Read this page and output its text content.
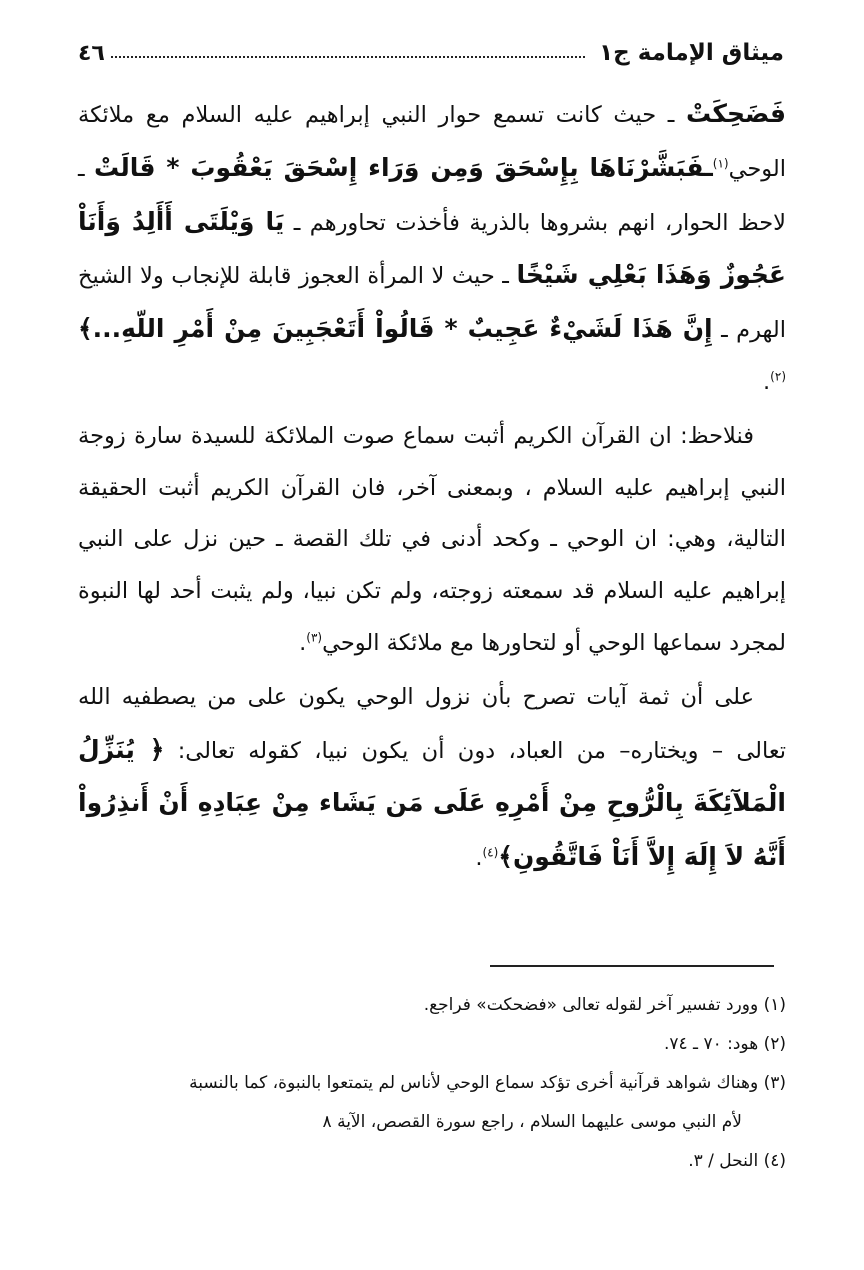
ميثاق الإمامة ج١
٤٦

فَضَحِكَتْ ـ حيث كانت تسمع حوار النبي إبراهيم عليه السلام مع ملائكة الوحي$^{(١)}$ـفَبَشَّرْنَاهَا بِإِسْحَقَ وَمِن وَرَاء إِسْحَقَ يَعْقُوبَ * قَالَتْ ـ لاحظ الحوار، انهم بشروها بالذرية فأخذت تحاورهم ـ يَا وَيْلَتَى أَأَلِدُ وَأَنَاْ عَجُوزٌ وَهَذَا بَعْلِي شَيْخًا ـ حيث لا المرأة العجوز قابلة للإنجاب ولا الشيخ الهرم ـ إِنَّ هَذَا لَشَيْءٌ عَجِيبٌ * قَالُواْ أَتَعْجَبِينَ مِنْ أَمْرِ اللّهِ...﴾$^{(٢)}$.

فنلاحظ: ان القرآن الكريم أثبت سماع صوت الملائكة للسيدة سارة زوجة النبي إبراهيم عليه السلام ، وبمعنى آخر، فان القرآن الكريم أثبت الحقيقة التالية، وهي: ان الوحي ـ وكحد أدنى في تلك القصة ـ حين نزل على النبي إبراهيم عليه السلام قد سمعته زوجته، ولم تكن نبيا، ولم يثبت أحد لها النبوة لمجرد سماعها الوحي أو لتحاورها مع ملائكة الوحي$^{(٣)}$.

على أن ثمة آيات تصرح بأن نزول الوحي يكون على من يصطفيه الله تعالى – ويختاره– من العباد، دون أن يكون نبيا، كقوله تعالى: ﴿ يُنَزِّلُ الْمَلآئِكَةَ بِالْرُّوحِ مِنْ أَمْرِهِ عَلَى مَن يَشَاء مِنْ عِبَادِهِ أَنْ أَنذِرُواْ أَنَّهُ لاَ إِلَهَ إِلاَّ أَنَاْ فَاتَّقُونِ﴾$^{(٤)}$.

(١) وورد تفسير آخر لقوله تعالى «فضحكت» فراجع.

(٢) هود: ٧٠ ـ ٧٤.

(٣) وهناك شواهد قرآنية أخرى تؤكد سماع الوحي لأناس لم يتمتعوا بالنبوة، كما بالنسبة

لأم النبي موسى عليهما السلام ، راجع سورة القصص، الآية ٨

(٤) النحل / ٣.
